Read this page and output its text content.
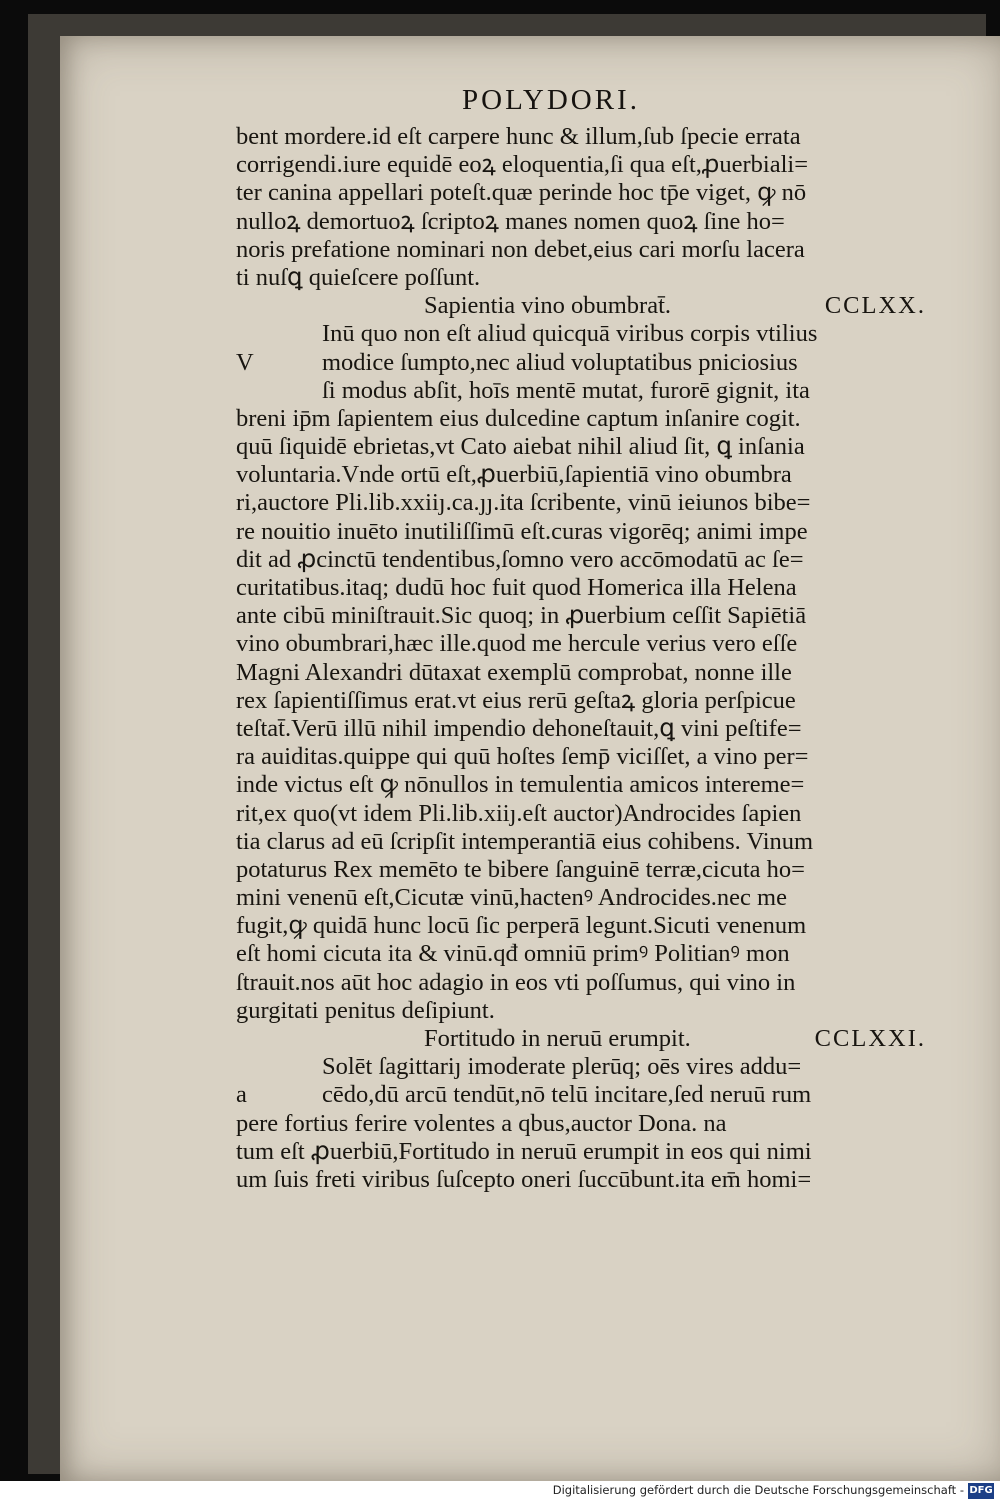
POLYDORI.
bent mordere.id eſt carpere hunc & illum,ſub ſpecie errata
corrigendi.iure equidē eoꝝ eloquentia,ſi qua eſt,ꝓuerbiali=
ter canina appellari poteſt.quæ perinde hoc tp̄e viget, ꝙ nō
nulloꝝ demortuoꝝ ſcriptoꝝ manes nomen quoꝝ ſine ho=
noris prefatione nominari non debet,eius cari morſu lacera
ti nuſꝗ quieſcere poſſunt.
Sapientia vino obumbrat̄.	CCLXX.
V
Inū quo non eſt aliud quicquā viribus corpis vtilius
modice ſumpto,nec aliud voluptatibus pniciosius
ſi modus abſit, hoīs mentē mutat, furorē gignit, ita
breni ip̄m ſapientem eius dulcedine captum inſanire cogit.
quū ſiquidē ebrietas,vt Cato aiebat nihil aliud ſit, ꝗ inſania
voluntaria.Vnde ortū eſt,ꝓuerbiū,ſapientiā vino obumbra
ri,auctore Pli.lib.xxiiȷ.ca.ȷȷ.ita ſcribente, vinū ieiunos bibe=
re nouitio inuēto inutiliſſimū eſt.curas vigorēq; animi impe
dit ad ꝓcinctū tendentibus,ſomno vero accōmodatū ac ſe=
curitatibus.itaq; dudū hoc fuit quod Homerica illa Helena
ante cibū miniſtrauit.Sic quoq; in ꝓuerbium ceſſit Sapiētiā
vino obumbrari,hæc ille.quod me hercule verius vero eſſe
Magni Alexandri dūtaxat exemplū comprobat, nonne ille
rex ſapientiſſimus erat.vt eius rerū geſtaꝝ gloria perſpicue
teſtat̄.Verū illū nihil impendio dehoneſtauit,ꝗ vini peſtife=
ra auiditas.quippe qui quū hoſtes ſemp̄ viciſſet, a vino per=
inde victus eſt ꝙ nōnullos in temulentia amicos intereme=
rit,ex quo(vt idem Pli.lib.xiiȷ.eſt auctor)Androcides ſapien
tia clarus ad eū ſcripſit intemperantiā eius cohibens. Vinum
potaturus Rex memēto te bibere ſanguinē terræ,cicuta ho=
mini venenū eſt,Cicutæ vinū,hactenꝰ Androcides.nec me
fugit,ꝙ quidā hunc locū ſic perperā legunt.Sicuti venenum
eſt homi cicuta ita & vinū.qđ omniū primꝰ Politianꝰ mon
ſtrauit.nos aūt hoc adagio in eos vti poſſumus, qui vino in
gurgitati penitus deſipiunt.
Fortitudo in neruū erumpit.	CCLXXI.
a
Solēt ſagittariȷ imoderate plerūq; oēs vires addu=
cēdo,dū arcū tendūt,nō telū incitare,ſed neruū rum
pere fortius ferire volentes a qbus,auctor Dona. na
tum eſt ꝓuerbiū,Fortitudo in neruū erumpit in eos qui nimi
um ſuis freti viribus ſuſcepto oneri ſuccūbunt.ita em̄ homi=
Digitalisierung gefördert durch die Deutsche Forschungsgemeinschaft - DFG
